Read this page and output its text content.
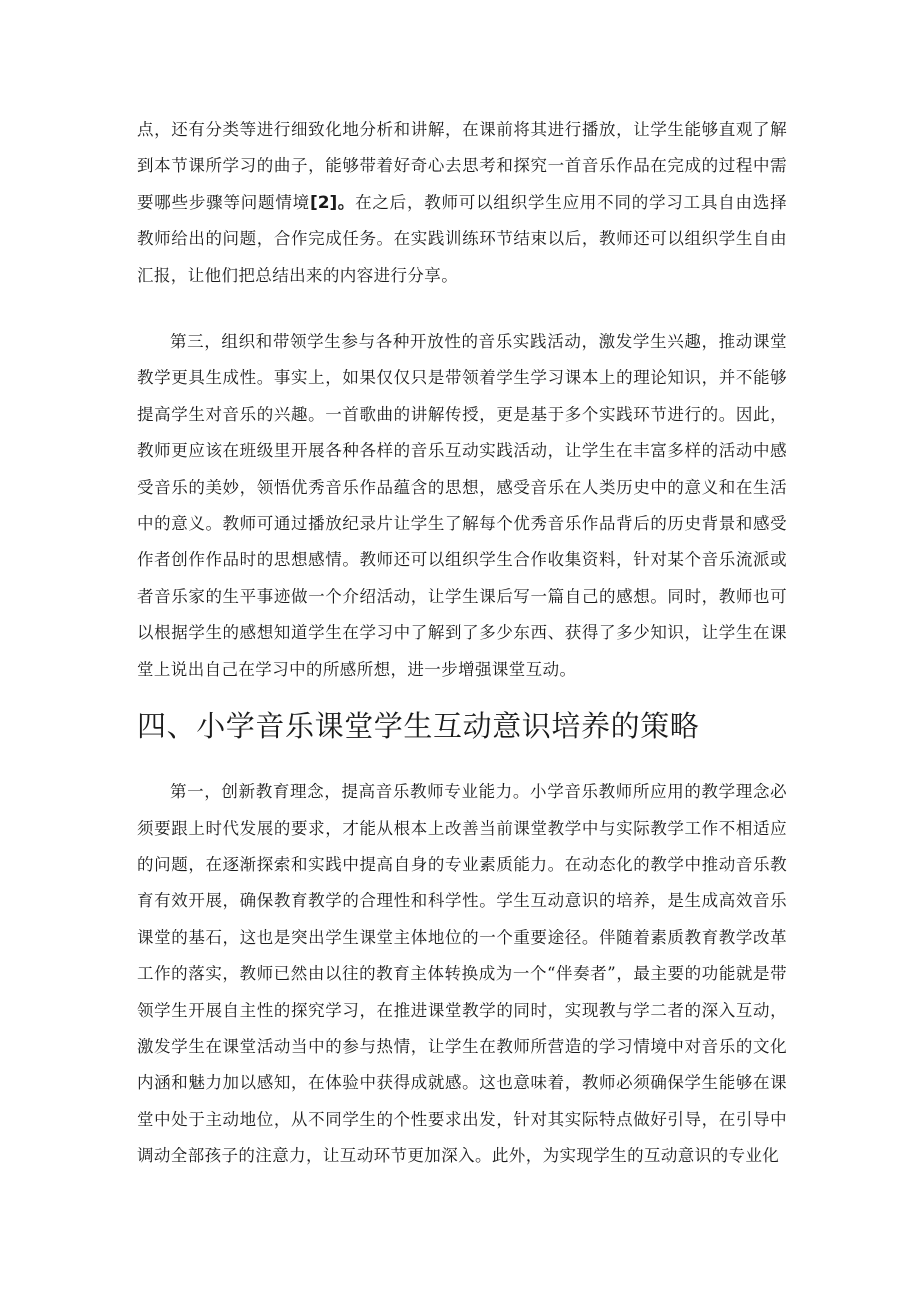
点，还有分类等进行细致化地分析和讲解，在课前将其进行播放，让学生能够直观了解到本节课所学习的曲子，能够带着好奇心去思考和探究一首音乐作品在完成的过程中需要哪些步骤等问题情境[2]。在之后，教师可以组织学生应用不同的学习工具自由选择教师给出的问题，合作完成任务。在实践训练环节结束以后，教师还可以组织学生自由汇报，让他们把总结出来的内容进行分享。

第三，组织和带领学生参与各种开放性的音乐实践活动，激发学生兴趣，推动课堂教学更具生成性。事实上，如果仅仅只是带领着学生学习课本上的理论知识，并不能够提高学生对音乐的兴趣。一首歌曲的讲解传授，更是基于多个实践环节进行的。因此，教师更应该在班级里开展各种各样的音乐互动实践活动，让学生在丰富多样的活动中感受音乐的美妙，领悟优秀音乐作品蕴含的思想，感受音乐在人类历史中的意义和在生活中的意义。教师可通过播放纪录片让学生了解每个优秀音乐作品背后的历史背景和感受作者创作作品时的思想感情。教师还可以组织学生合作收集资料，针对某个音乐流派或者音乐家的生平事迹做一个介绍活动，让学生课后写一篇自己的感想。同时，教师也可以根据学生的感想知道学生在学习中了解到了多少东西、获得了多少知识，让学生在课堂上说出自己在学习中的所感所想，进一步增强课堂互动。

四、小学音乐课堂学生互动意识培养的策略

第一，创新教育理念，提高音乐教师专业能力。小学音乐教师所应用的教学理念必须要跟上时代发展的要求，才能从根本上改善当前课堂教学中与实际教学工作不相适应的问题，在逐渐探索和实践中提高自身的专业素质能力。在动态化的教学中推动音乐教育有效开展，确保教育教学的合理性和科学性。学生互动意识的培养，是生成高效音乐课堂的基石，这也是突出学生课堂主体地位的一个重要途径。伴随着素质教育教学改革工作的落实，教师已然由以往的教育主体转换成为一个“伴奏者”，最主要的功能就是带领学生开展自主性的探究学习，在推进课堂教学的同时，实现教与学二者的深入互动，激发学生在课堂活动当中的参与热情，让学生在教师所营造的学习情境中对音乐的文化内涵和魅力加以感知，在体验中获得成就感。这也意味着，教师必须确保学生能够在课堂中处于主动地位，从不同学生的个性要求出发，针对其实际特点做好引导，在引导中调动全部孩子的注意力，让互动环节更加深入。此外，为实现学生的互动意识的专业化
